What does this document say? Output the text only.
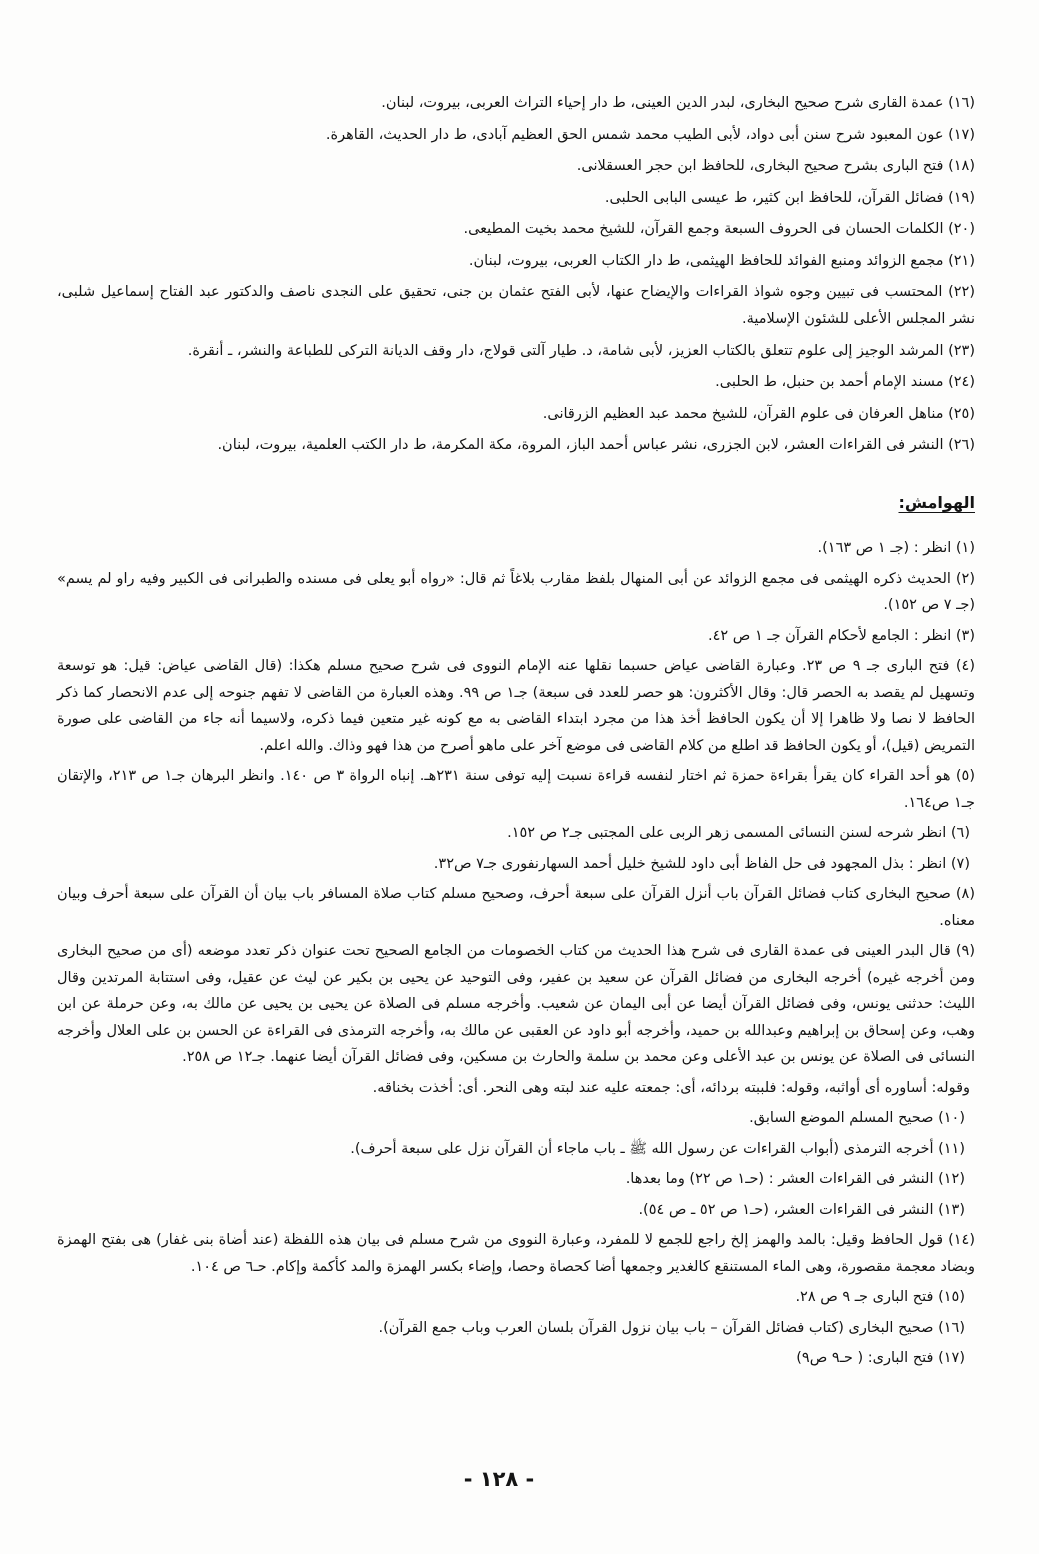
(١٦) عمدة القارى شرح صحيح البخارى، لبدر الدين العينى، ط دار إحياء التراث العربى، بيروت، لبنان.

(١٧) عون المعبود شرح سنن أبى دواد، لأبى الطيب محمد شمس الحق العظيم آبادى، ط دار الحديث، القاهرة.

(١٨) فتح البارى بشرح صحيح البخارى، للحافظ ابن حجر العسقلانى.

(١٩) فضائل القرآن، للحافظ ابن كثير، ط عيسى البابى الحلبى.

(٢٠) الكلمات الحسان فى الحروف السبعة وجمع القرآن، للشيخ محمد بخيت المطيعى.

(٢١) مجمع الزوائد ومنبع الفوائد للحافظ الهيثمى، ط دار الكتاب العربى، بيروت، لبنان.

(٢٢) المحتسب فى تبيين وجوه شواذ القراءات والإيضاح عنها، لأبى الفتح عثمان بن جنى، تحقيق على النجدى ناصف والدكتور عبد الفتاح إسماعيل شلبى، نشر المجلس الأعلى للشئون الإسلامية.

(٢٣) المرشد الوجيز إلى علوم تتعلق بالكتاب العزيز، لأبى شامة، د. طيار آلتى قولاج، دار وقف الديانة التركى للطباعة والنشر، ـ أنقرة.

(٢٤) مسند الإمام أحمد بن حنبل، ط الحلبى.

(٢٥) مناهل العرفان فى علوم القرآن، للشيخ محمد عبد العظيم الزرقانى.

(٢٦) النشر فى القراءات العشر، لابن الجزرى، نشر عباس أحمد الباز، المروة، مكة المكرمة، ط دار الكتب العلمية، بيروت، لبنان.

الهوامش:

(١) انظر : (جـ ١ ص ١٦٣).

(٢) الحديث ذكره الهيثمى فى مجمع الزوائد عن أبى المنهال بلفظ مقارب بلاغاً ثم قال: «رواه أبو يعلى فى مسنده والطبرانى فى الكبير وفيه راو لم يسم» (جـ ٧ ص ١٥٢).

(٣) انظر : الجامع لأحكام القرآن جـ ١ ص ٤٢.

(٤) فتح البارى جـ ٩ ص ٢٣. وعبارة القاضى عياض حسبما نقلها عنه الإمام النووى فى شرح صحيح مسلم هكذا: (قال القاضى عياض: قيل: هو توسعة وتسهيل لم يقصد به الحصر قال: وقال الأكثرون: هو حصر للعدد فى سبعة) جـ١ ص ٩٩. وهذه العبارة من القاضى لا تفهم جنوحه إلى عدم الانحصار كما ذكر الحافظ لا نصا ولا ظاهرا إلا أن يكون الحافظ أخذ هذا من مجرد ابتداء القاضى به مع كونه غير متعين فيما ذكره، ولاسيما أنه جاء من القاضى على صورة التمريض (قيل)، أو يكون الحافظ قد اطلع من كلام القاضى فى موضع آخر على ماهو أصرح من هذا فهو وذاك. والله اعلم.

(٥) هو أحد القراء كان يقرأ بقراءة حمزة ثم اختار لنفسه قراءة نسبت إليه توفى سنة ٢٣١هـ. إنباه الرواة ٣ ص ١٤٠. وانظر البرهان جـ١ ص ٢١٣، والإتقان جـ١ ص١٦٤.

(٦) انظر شرحه لسنن النسائى المسمى زهر الربى على المجتبى جـ٢ ص ١٥٢.

(٧) انظر : بذل المجهود فى حل الفاظ أبى داود للشيخ خليل أحمد السهارنفورى جـ٧ ص٣٢.

(٨) صحيح البخارى كتاب فضائل القرآن باب أنزل القرآن على سبعة أحرف، وصحيح مسلم كتاب صلاة المسافر باب بيان أن القرآن على سبعة أحرف وبيان معناه.

(٩) قال البدر العينى فى عمدة القارى فى شرح هذا الحديث من كتاب الخصومات من الجامع الصحيح تحت عنوان ذكر تعدد موضعه (أى من صحيح البخارى ومن أخرجه غيره) أخرجه البخارى من فضائل القرآن عن سعيد بن عفير، وفى التوحيد عن يحيى بن بكير عن ليث عن عقيل، وفى استتابة المرتدين وقال الليث: حدثنى يونس، وفى فضائل القرآن أيضا عن أبى اليمان عن شعيب. وأخرجه مسلم فى الصلاة عن يحيى بن يحيى عن مالك به، وعن حرملة عن ابن وهب، وعن إسحاق بن إبراهيم وعبدالله بن حميد، وأخرجه أبو داود عن العقبى عن مالك به، وأخرجه الترمذى فى القراءة عن الحسن بن على العلال وأخرجه النسائى فى الصلاة عن يونس بن عبد الأعلى وعن محمد بن سلمة والحارث بن مسكين، وفى فضائل القرآن أيضا عنهما. جـ١٢ ص ٢٥٨.

وقوله: أساوره أى أواثبه، وقوله: فلببته بردائه، أى: جمعته عليه عند لبته وهى النحر. أى: أخذت بخناقه.

(١٠) صحيح المسلم الموضع السابق.

(١١) أخرجه الترمذى (أبواب القراءات عن رسول الله ﷺ ـ باب ماجاء أن القرآن نزل على سبعة أحرف).

(١٢) النشر فى القراءات العشر : (حـ١ ص ٢٢) وما بعدها.

(١٣) النشر فى القراءات العشر، (حـ١ ص ٥٢ ـ ص ٥٤).

(١٤) قول الحافظ وقيل: بالمد والهمز إلخ راجع للجمع لا للمفرد، وعبارة النووى من شرح مسلم فى بيان هذه اللفظة (عند أضاة بنى غفار) هى بفتح الهمزة وبضاد معجمة مقصورة، وهى الماء المستنقع كالغدير وجمعها أضا كحصاة وحصا، وإضاء بكسر الهمزة والمد كأكمة وإكام. حـ٦ ص ١٠٤.

(١٥) فتح البارى جـ ٩ ص ٢٨.

(١٦) صحيح البخارى (كتاب فضائل القرآن – باب بيان نزول القرآن بلسان العرب وباب جمع القرآن).

(١٧) فتح البارى: ( حـ٩ ص٩)

- ١٢٨ -
